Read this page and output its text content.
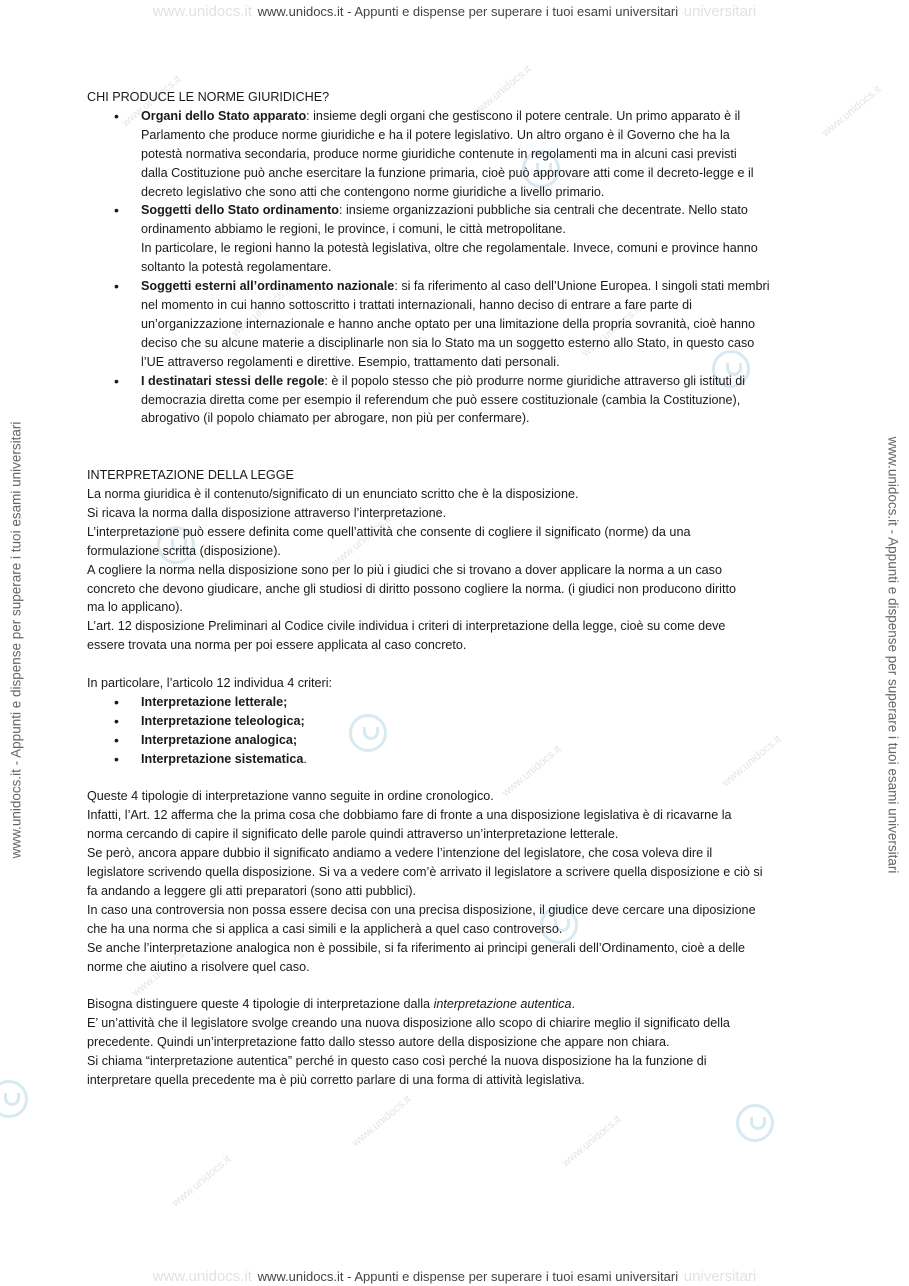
www.unidocs.it www.unidocs.it - Appunti e dispense per superare i tuoi esami universitari universitari
www.unidocs.it www.unidocs.it - Appunti e dispense per superare i tuoi esami universitari universitari
www.unidocs.it - Appunti e dispense per superare i tuoi esami universitari	www.unidocs.it - Appunti e dispense per superare i tuoi esami universitari
www.unidocs.it	www.unidocs.it	www.unidocs.it
www.unidocs.it	www.unidocs.it
www.unidocs.it
www.unidocs.it
www.unidocs.it
www.unidocs.it
www.unidocs.it
www.unidocs.it
www.unidocs.it

CHI PRODUCE LE NORME GIURIDICHE?

• Organi dello Stato apparato: insieme degli organi che gestiscono il potere centrale. Un primo apparato è il
Parlamento che produce norme giuridiche e ha il potere legislativo. Un altro organo è il Governo che ha la
potestà normativa secondaria, produce norme giuridiche contenute in regolamenti ma in alcuni casi previsti
dalla Costituzione può anche esercitare la funzione primaria, cioè può approvare atti come il decreto-legge e il
decreto legislativo che sono atti che contengono norme giuridiche a livello primario.
• Soggetti dello Stato ordinamento: insieme organizzazioni pubbliche sia centrali che decentrate. Nello stato
ordinamento abbiamo le regioni, le province, i comuni, le città metropolitane.
In particolare, le regioni hanno la potestà legislativa, oltre che regolamentale. Invece, comuni e province hanno
soltanto la potestà regolamentare.
• Soggetti esterni all’ordinamento nazionale: si fa riferimento al caso dell’Unione Europea. I singoli stati membri
nel momento in cui hanno sottoscritto i trattati internazionali, hanno deciso di entrare a fare parte di
un’organizzazione internazionale e hanno anche optato per una limitazione della propria sovranità, cioè hanno
deciso che su alcune materie a disciplinarle non sia lo Stato ma un soggetto esterno allo Stato, in questo caso
l’UE attraverso regolamenti e direttive. Esempio, trattamento dati personali.
• I destinatari stessi delle regole: è il popolo stesso che piò produrre norme giuridiche attraverso gli istituti di
democrazia diretta come per esempio il referendum che può essere costituzionale (cambia la Costituzione),
abrogativo (il popolo chiamato per abrogare, non più per confermare).

INTERPRETAZIONE DELLA LEGGE

La norma giuridica è il contenuto/significato di un enunciato scritto che è la disposizione.
Si ricava la norma dalla disposizione attraverso l’interpretazione.
L’interpretazione può essere definita come quell’attività che consente di cogliere il significato (norme) da una
formulazione scritta (disposizione).
A cogliere la norma nella disposizione sono per lo più i giudici che si trovano a dover applicare la norma a un caso
concreto che devono giudicare, anche gli studiosi di diritto possono cogliere la norma. (i giudici non producono diritto
ma lo applicano).
L’art. 12 disposizione Preliminari al Codice civile individua i criteri di interpretazione della legge, cioè su come deve
essere trovata una norma per poi essere applicata al caso concreto.

In particolare, l’articolo 12 individua 4 criteri:

• Interpretazione letterale;
• Interpretazione teleologica;
• Interpretazione analogica;
• Interpretazione sistematica.

Queste 4 tipologie di interpretazione vanno seguite in ordine cronologico.
Infatti, l’Art. 12 afferma che la prima cosa che dobbiamo fare di fronte a una disposizione legislativa è di ricavarne la
norma cercando di capire il significato delle parole quindi attraverso un’interpretazione letterale.
Se però, ancora appare dubbio il significato andiamo a vedere l’intenzione del legislatore, che cosa voleva dire il
legislatore scrivendo quella disposizione. Si va a vedere com’è arrivato il legislatore a scrivere quella disposizione e ciò si
fa andando a leggere gli atti preparatori (sono atti pubblici).
In caso una controversia non possa essere decisa con una precisa disposizione, il giudice deve cercare una diposizione
che ha una norma che si applica a casi simili e la applicherà a quel caso controverso.
Se anche l’interpretazione analogica non è possibile, si fa riferimento ai principi generali dell’Ordinamento, cioè a delle
norme che aiutino a risolvere quel caso.

Bisogna distinguere queste 4 tipologie di interpretazione dalla interpretazione autentica.
E’ un’attività che il legislatore svolge creando una nuova disposizione allo scopo di chiarire meglio il significato della
precedente. Quindi un’interpretazione fatto dallo stesso autore della disposizione che appare non chiara.
Si chiama “interpretazione autentica” perché in questo caso così perché la nuova disposizione ha la funzione di
interpretare quella precedente ma è più corretto parlare di una forma di attività legislativa.
